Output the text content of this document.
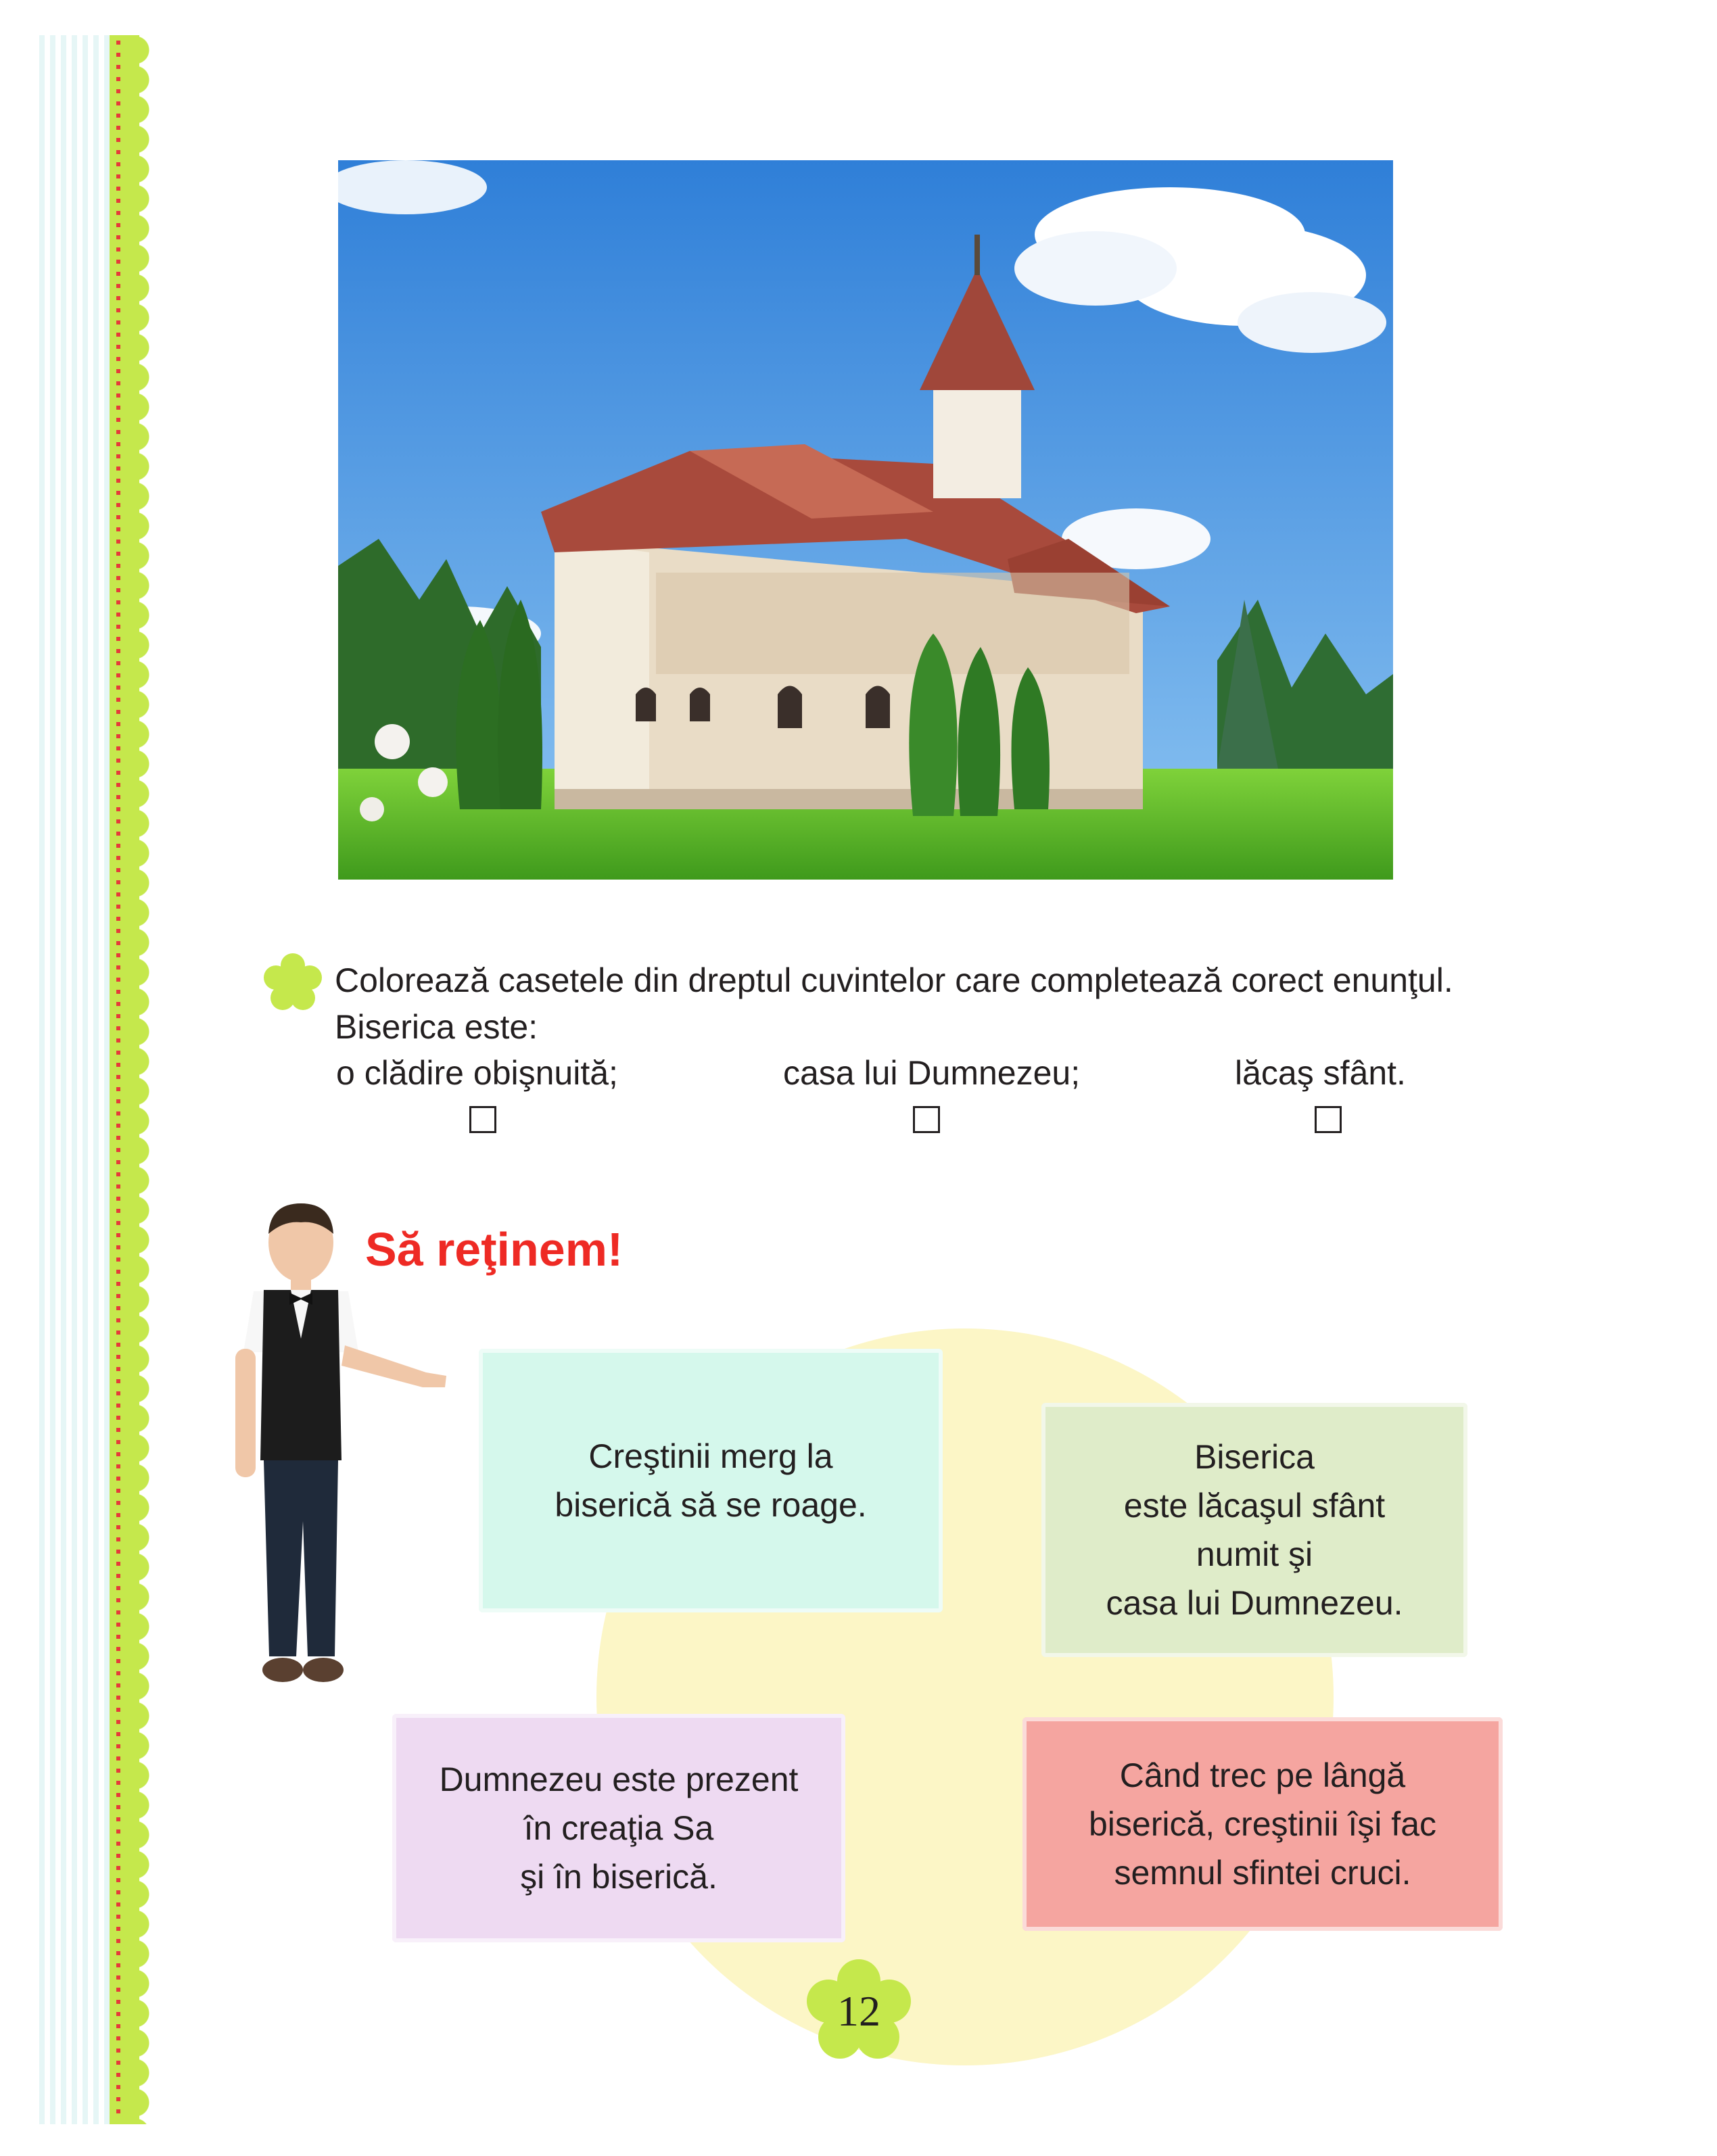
Colorează casetele din dreptul cuvintelor care completează corect enunţul.
Biserica este:
o clădire obişnuită;	casa lui Dumnezeu;	lăcaş sfânt.
Să reţinem!
Creştinii merg la
biserică să se roage.
Biserica
este lăcaşul sfânt
numit şi
casa lui Dumnezeu.
Dumnezeu este prezent
în creaţia Sa
şi în biserică.
Când trec pe lângă
biserică, creştinii îşi fac
semnul sfintei cruci.
12
